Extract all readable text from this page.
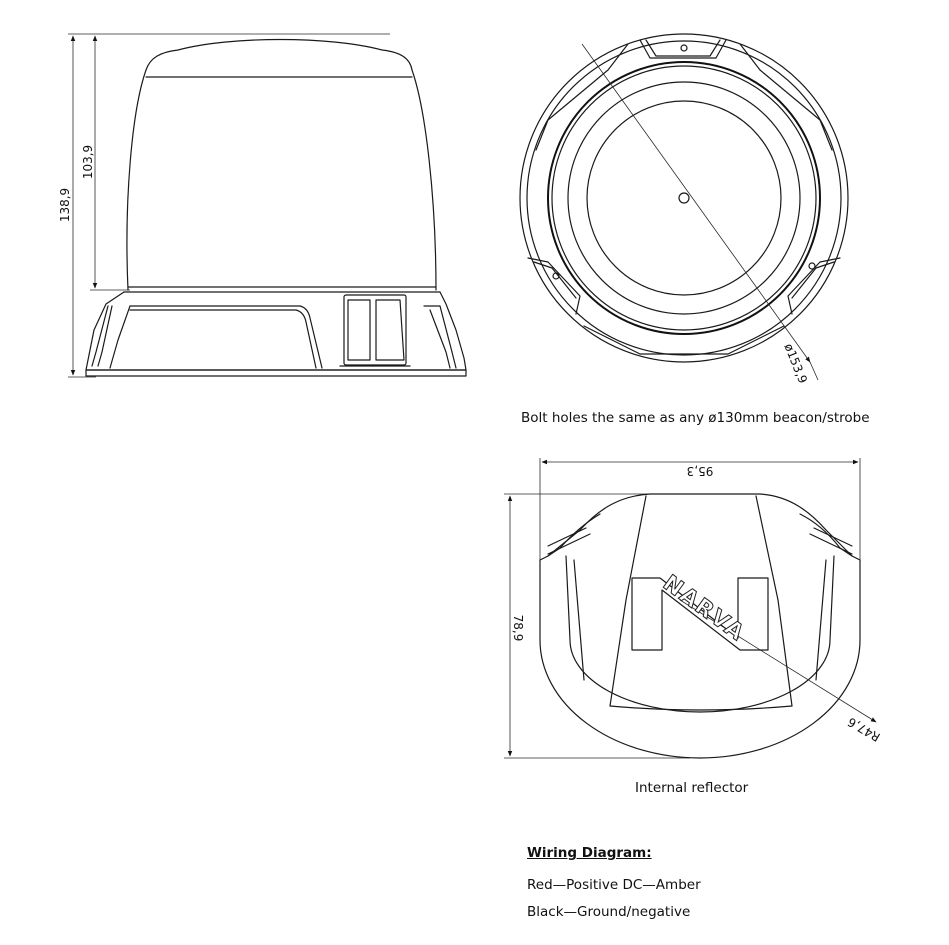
138,9
103,9
ø153,9
95,3
78,9
R47,6
NARVA
Bolt holes the same as any ø130mm beacon/strobe
Internal reflector
Wiring Diagram:
Red—Positive DC—Amber
Black—Ground/negative
